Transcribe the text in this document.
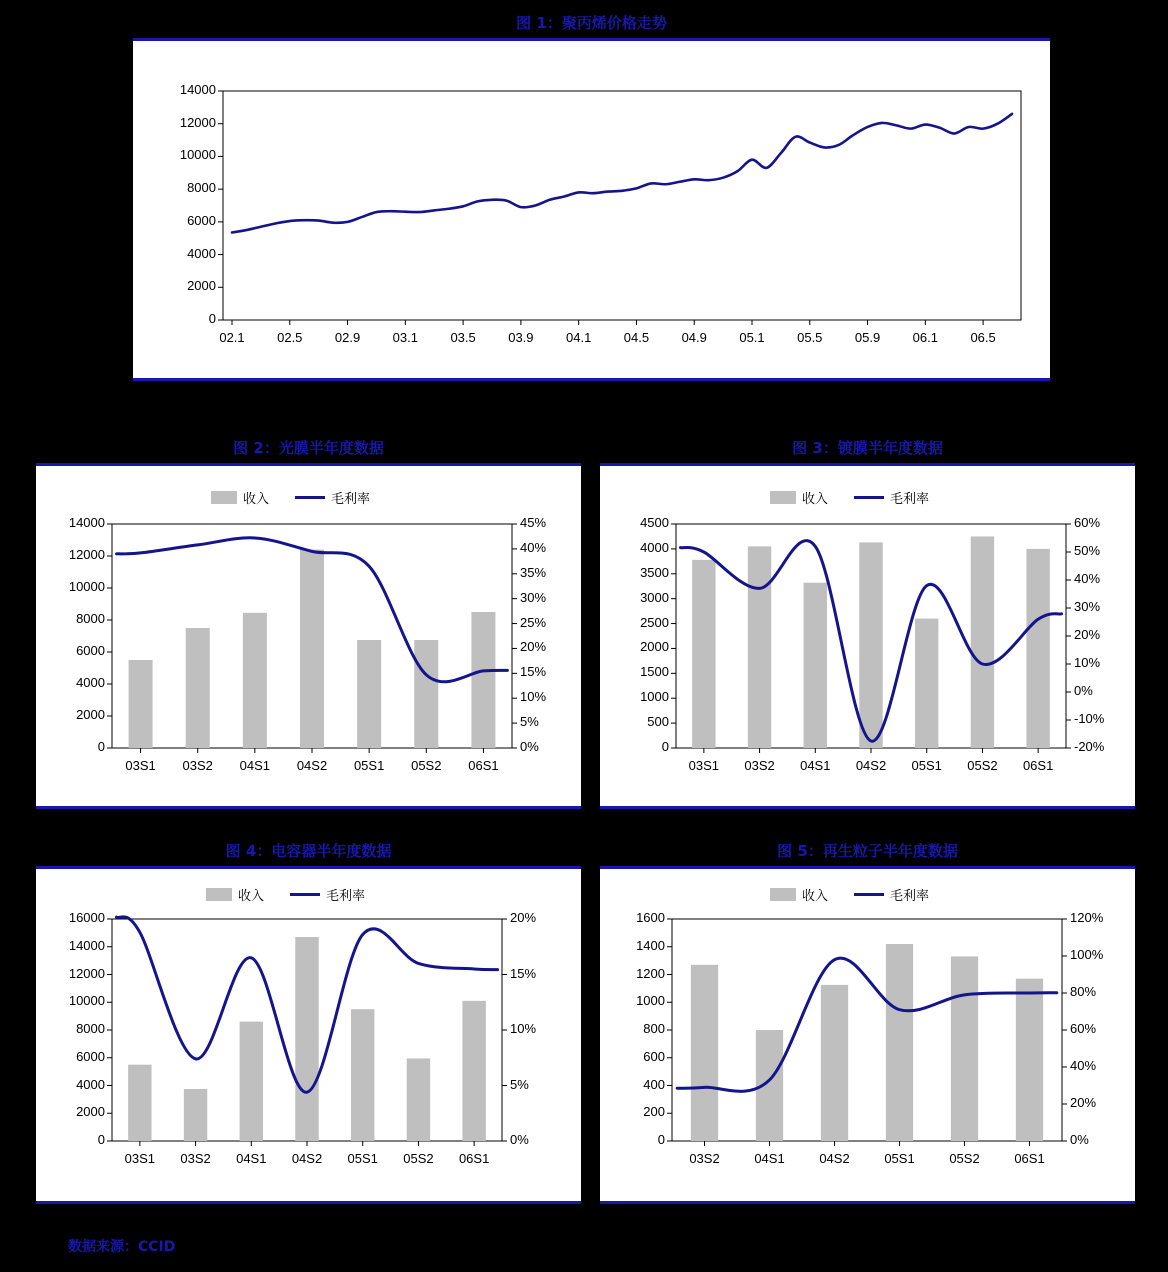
图 1：聚丙烯价格走势
0
2000
4000
6000
8000
10000
12000
14000
02.1	02.5	02.9	03.1	03.5	03.9	04.1	04.5	04.9	05.1	05.5	05.9	06.1	06.5
图 2：光膜半年度数据
0
2000
4000
6000
8000
10000
12000
14000
0%
5%
10%
15%
20%
25%
30%
35%
40%
45%
03S1	03S2	04S1	04S2	05S1	05S2	06S1
收入	毛利率
图 3：镀膜半年度数据
0
500
1000
1500
2000
2500
3000
3500
4000
4500
-20%
-10%
0%
10%
20%
30%
40%
50%
60%
03S1	03S2	04S1	04S2	05S1	05S2	06S1
收入	毛利率
图 4：电容器半年度数据
0
2000
4000
6000
8000
10000
12000
14000
16000
0%
5%
10%
15%
20%
03S1	03S2	04S1	04S2	05S1	05S2	06S1
收入	毛利率
图 5：再生粒子半年度数据
0
200
400
600
800
1000
1200
1400
1600
0%
20%
40%
60%
80%
100%
120%
03S2	04S1	04S2	05S1	05S2	06S1
收入	毛利率
数据来源：CCID
